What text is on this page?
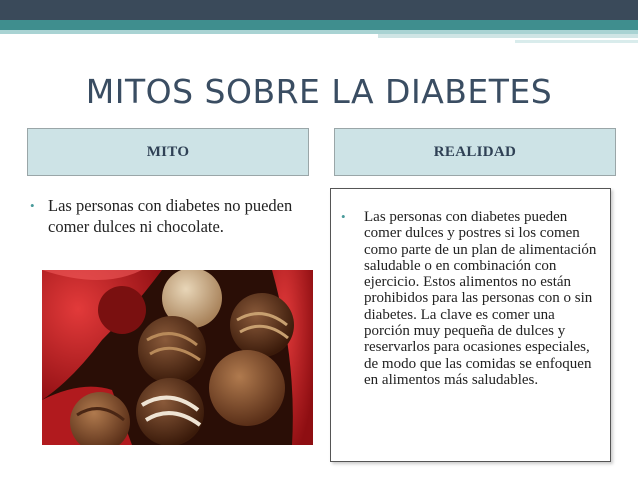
MITOS SOBRE LA DIABETES
MITO	REALIDAD
• Las personas con diabetes no pueden comer dulces ni chocolate.
• Las personas con diabetes pueden comer dulces y postres si los comen como parte de un plan de alimentación saludable o en combinación con ejercicio. Estos alimentos no están prohibidos para las personas con o sin diabetes. La clave es comer una porción muy pequeña de dulces y reservarlos para ocasiones especiales, de modo que las comidas se enfoquen en alimentos más saludables.
